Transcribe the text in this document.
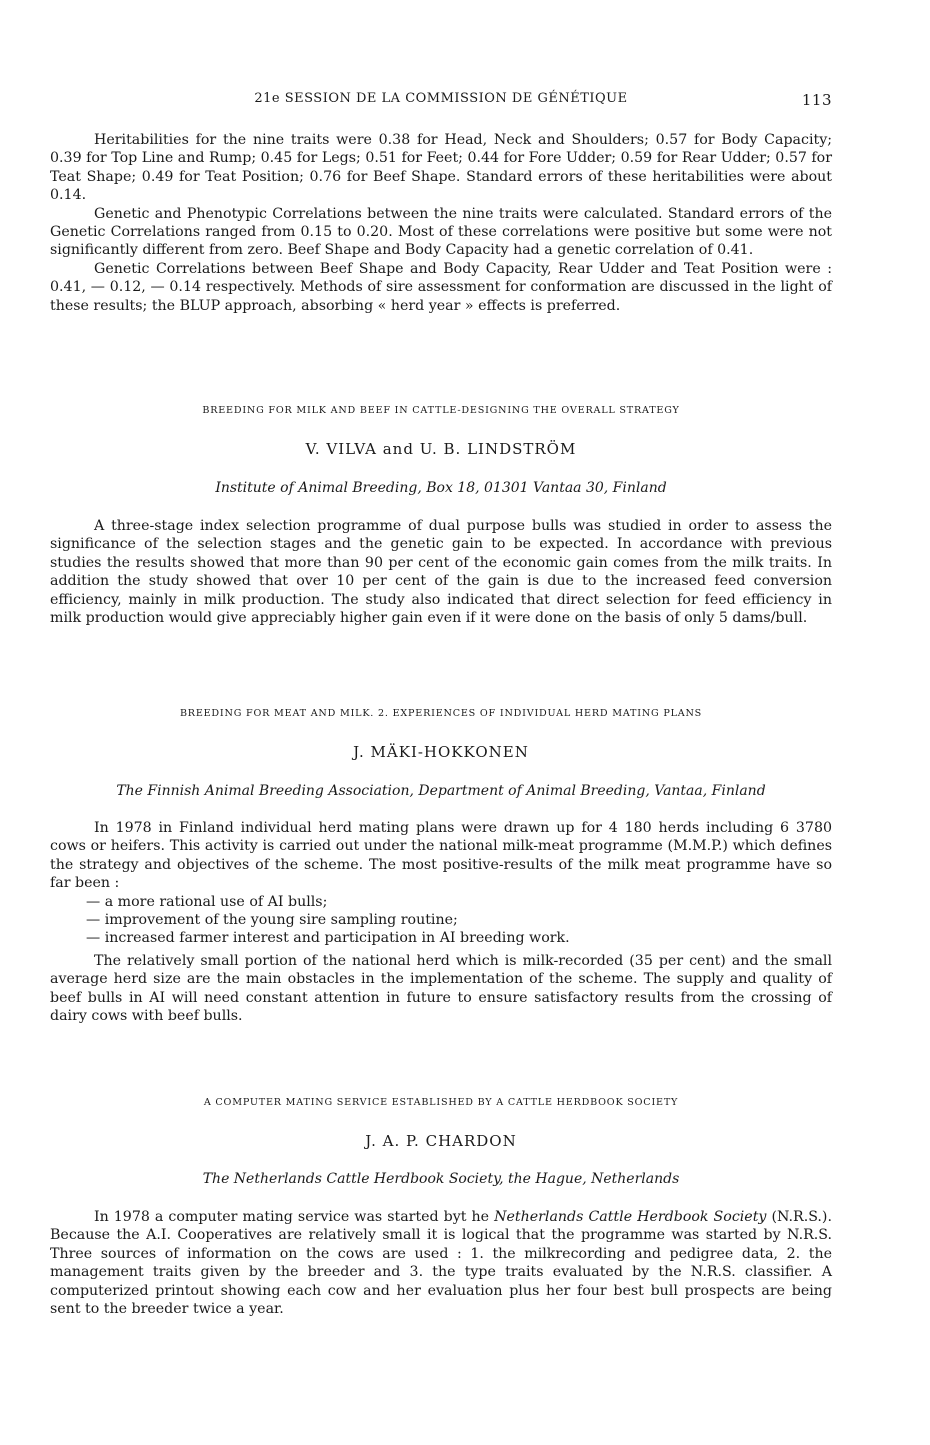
21e SESSION DE LA COMMISSION DE GÉNÉTIQUE	113

Heritabilities for the nine traits were 0.38 for Head, Neck and Shoulders; 0.57 for Body Capacity; 0.39 for Top Line and Rump; 0.45 for Legs; 0.51 for Feet; 0.44 for Fore Udder; 0.59 for Rear Udder; 0.57 for Teat Shape; 0.49 for Teat Position; 0.76 for Beef Shape. Standard errors of these heritabilities were about 0.14.

Genetic and Phenotypic Correlations between the nine traits were calculated. Standard errors of the Genetic Correlations ranged from 0.15 to 0.20. Most of these correlations were positive but some were not significantly different from zero. Beef Shape and Body Capacity had a genetic correlation of 0.41.

Genetic Correlations between Beef Shape and Body Capacity, Rear Udder and Teat Position were : 0.41, — 0.12, — 0.14 respectively. Methods of sire assessment for conformation are discussed in the light of these results; the BLUP approach, absorbing « herd year » effects is preferred.

BREEDING FOR MILK AND BEEF IN CATTLE-DESIGNING THE OVERALL STRATEGY
V. VILVA and U. B. LINDSTRÖM
Institute of Animal Breeding, Box 18, 01301 Vantaa 30, Finland

A three-stage index selection programme of dual purpose bulls was studied in order to assess the significance of the selection stages and the genetic gain to be expected. In accordance with previous studies the results showed that more than 90 per cent of the economic gain comes from the milk traits. In addition the study showed that over 10 per cent of the gain is due to the increased feed conversion efficiency, mainly in milk production. The study also indicated that direct selection for feed efficiency in milk production would give appreciably higher gain even if it were done on the basis of only 5 dams/bull.

BREEDING FOR MEAT AND MILK. 2. EXPERIENCES OF INDIVIDUAL HERD MATING PLANS
J. MÄKI-HOKKONEN
The Finnish Animal Breeding Association, Department of Animal Breeding, Vantaa, Finland

In 1978 in Finland individual herd mating plans were drawn up for 4 180 herds including 6 3780 cows or heifers. This activity is carried out under the national milk-meat programme (M.M.P.) which defines the strategy and objectives of the scheme. The most positive-results of the milk meat programme have so far been :

— a more rational use of AI bulls;
— improvement of the young sire sampling routine;
— increased farmer interest and participation in AI breeding work.

The relatively small portion of the national herd which is milk-recorded (35 per cent) and the small average herd size are the main obstacles in the implementation of the scheme. The supply and quality of beef bulls in AI will need constant attention in future to ensure satisfactory results from the crossing of dairy cows with beef bulls.

A COMPUTER MATING SERVICE ESTABLISHED BY A CATTLE HERDBOOK SOCIETY
J. A. P. CHARDON
The Netherlands Cattle Herdbook Society, the Hague, Netherlands

In 1978 a computer mating service was started byt he Netherlands Cattle Herdbook Society (N.R.S.). Because the A.I. Cooperatives are relatively small it is logical that the programme was started by N.R.S. Three sources of information on the cows are used : 1. the milkrecording and pedigree data, 2. the management traits given by the breeder and 3. the type traits evaluated by the N.R.S. classifier. A computerized printout showing each cow and her evaluation plus her four best bull prospects are being sent to the breeder twice a year.
